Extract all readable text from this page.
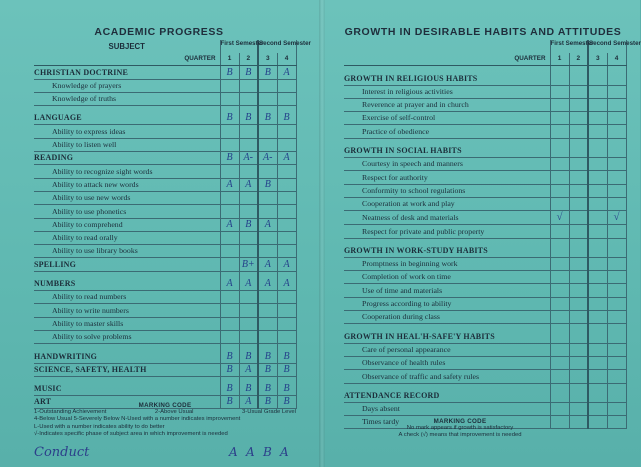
ACADEMIC PROGRESS
SUBJECT	First Semester		Second Semester	
QUARTER	1	2	3	4
CHRISTIAN DOCTRINE	B	B	B	A
Knowledge of prayers				
Knowledge of truths				

LANGUAGE	B	B	B	B
Ability to express ideas				
Ability to listen well				
READING	B	A-	A-	A
Ability to recognize sight words				
Ability to attack new words	A	A	B	
Ability to use new words				
Ability to use phonetics				
Ability to comprehend	A	B	A	
Ability to read orally				
Ability to use library books				
SPELLING		B+	A	A

NUMBERS	A	A	A	A
Ability to read numbers				
Ability to write numbers				
Ability to master skills				
Ability to solve problems				

HANDWRITING	B	B	B	B
SCIENCE, SAFETY, HEALTH	B	A	B	B

MUSIC	B	B	B	B
ART	B	A	B	B
MARKING CODE
1-Outstanding Achievement	2-Above Usual	3-Usual Grade Level
4-Below Usual 5-Severely Below N-Used with a number indicates improvement
L-Used with a number indicates ability to do better
√-Indicates specific phase of subject area in which improvement is needed
Conduct	A A B A
GROWTH IN DESIRABLE HABITS AND ATTITUDES
	First Semester		Second Semester	
QUARTER	1	2	3	4

GROWTH IN RELIGIOUS HABITS				
Interest in religious activities				
Reverence at prayer and in church				
Exercise of self-control				
Practice of obedience				

GROWTH IN SOCIAL HABITS				
Courtesy in speech and manners				
Respect for authority				
Conformity to school regulations				
Cooperation at work and play				
Neatness of desk and materials	√			√
Respect for private and public property				

GROWTH IN WORK-STUDY HABITS				
Promptness in beginning work				
Completion of work on time				
Use of time and materials				
Progress according to ability				
Cooperation during class				

GROWTH IN HEAL'H-SAFE'Y HABITS				
Care of personal appearance				
Observance of health rules				
Observance of traffic and safety rules				

ATTENDANCE RECORD				
Days absent				
Times tardy					MARKING CODE
No mark appears if growth is satisfactory
A check (√) means that improvement is needed
